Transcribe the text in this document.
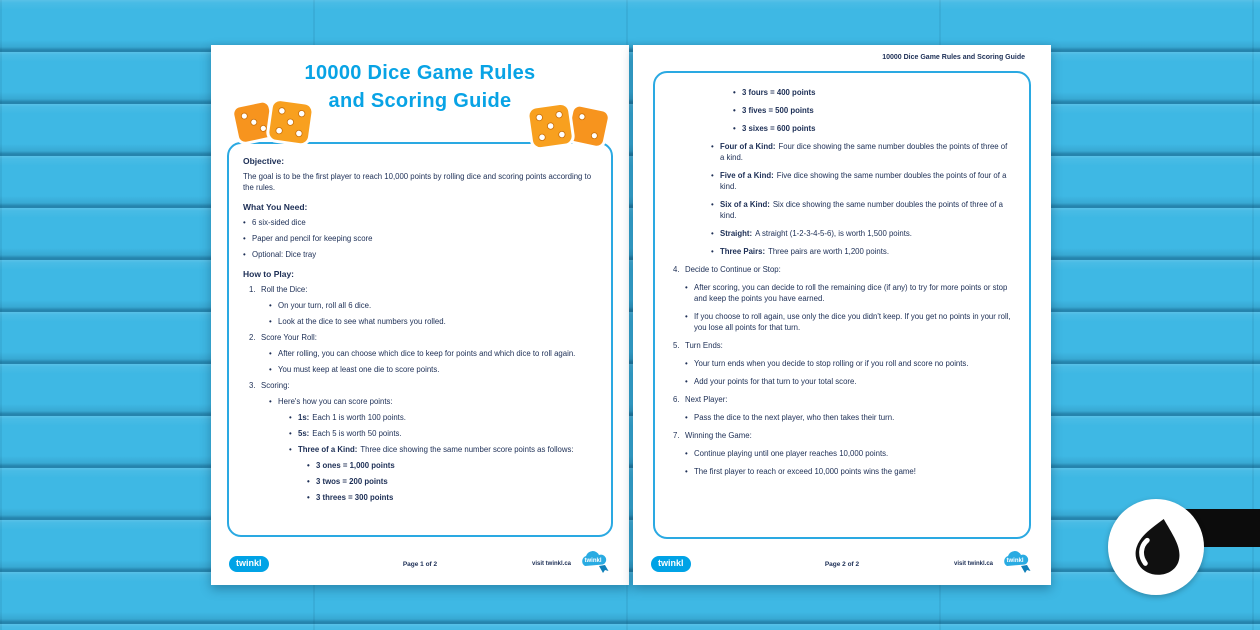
10000 Dice Game Rules
and Scoring Guide
Objective:
The goal is to be the first player to reach 10,000 points by rolling dice and scoring points according to the rules.
What You Need:
•
6 six-sided dice
•
Paper and pencil for keeping score
•
Optional: Dice tray
How to Play:
1. Roll the Dice:
•
On your turn, roll all 6 dice.
•
Look at the dice to see what numbers you rolled.
2. Score Your Roll:
•
After rolling, you can choose which dice to keep for points and which dice to roll again.
•
You must keep at least one die to score points.
3. Scoring:
•
Here's how you can score points:
•
1s: Each 1 is worth 100 points.
•
5s: Each 5 is worth 50 points.
•
Three of a Kind: Three dice showing the same number score points as follows:
•
3 ones = 1,000 points
•
3 twos = 200 points
•
3 threes = 300 points
twinkl	Page 1 of 2	visit twinkl.ca twinkl
10000 Dice Game Rules and Scoring Guide
•
3 fours = 400 points
•
3 fives = 500 points
•
3 sixes = 600 points
•
Four of a Kind: Four dice showing the same number doubles the points of three of a kind.
•
Five of a Kind: Five dice showing the same number doubles the points of four of a kind.
•
Six of a Kind: Six dice showing the same number doubles the points of three of a kind.
•
Straight: A straight (1-2-3-4-5-6), is worth 1,500 points.
•
Three Pairs: Three pairs are worth 1,200 points.
4. Decide to Continue or Stop:
•
After scoring, you can decide to roll the remaining dice (if any) to try for more points or stop and keep the points you have earned.
•
If you choose to roll again, use only the dice you didn't keep. If you get no points in your roll, you lose all points for that turn.
5. Turn Ends:
•
Your turn ends when you decide to stop rolling or if you roll and score no points.
•
Add your points for that turn to your total score.
6. Next Player:
•
Pass the dice to the next player, who then takes their turn.
7. Winning the Game:
•
Continue playing until one player reaches 10,000 points.
•
The first player to reach or exceed 10,000 points wins the game!
twinkl	Page 2 of 2	visit twinkl.ca twinkl
